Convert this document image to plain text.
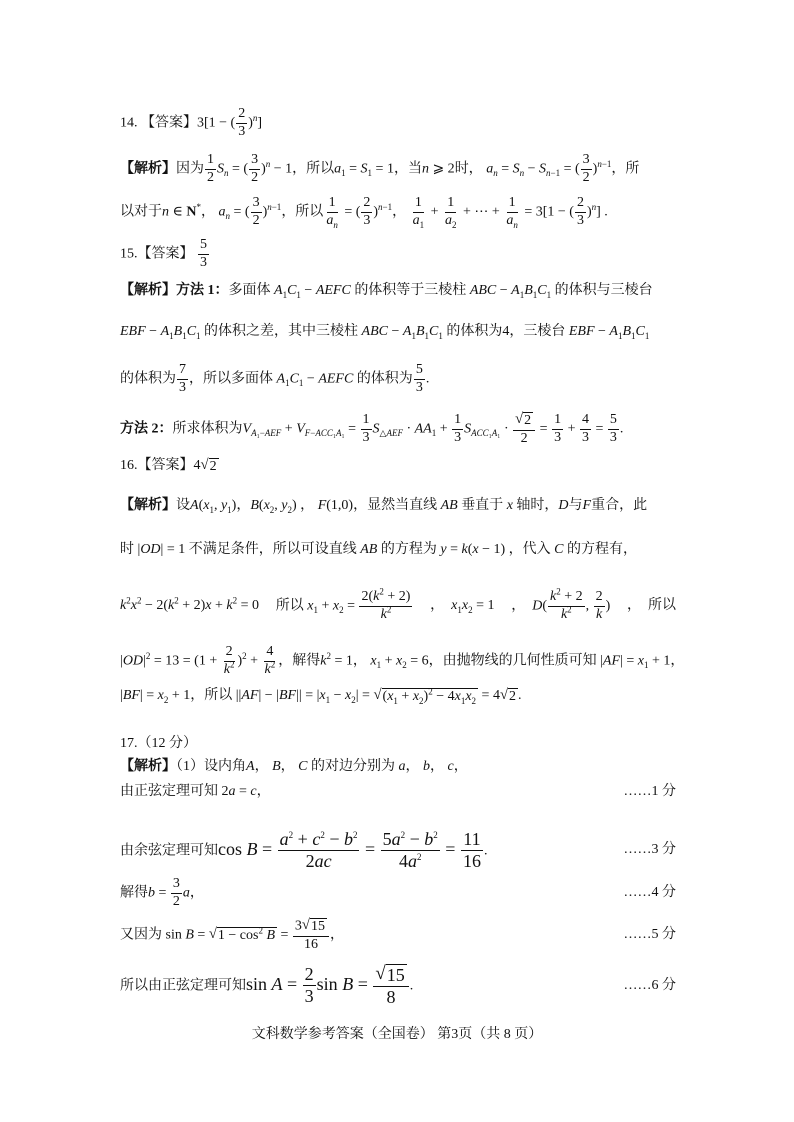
14. 【答案】3[1 − ( $\frac{2}{3} )^n$]
【解析】因为 $\frac{1}{2} S_n$ = ( $\frac{3}{2} )^n - 1$，所以$a_1 = S_1 = 1$，当n ⩾ 2时， $a_n = S_n - S_{n-1}$ = ( $\frac{3}{2} )^{n-1}$，所
以对于n ∈ N*， $a_n$ = ( $\frac{3}{2} )^{n-1}$，所以 $\frac{1}{a_n}$ = ( $\frac{2}{3} )^{n-1}$， $\frac{1}{a_1} + \frac{1}{a_2}$ + ⋯ + $\frac{1}{a_n} = 3[1$ − ( $\frac{2}{3} )^n$] .
15.【答案】 $\frac{5}{3}$
【解析】方法 1：多面体 $A_1C_1$ − AEFC 的体积等于三棱柱 ABC − $A_1B_1C_1$ 的体积与三棱台
EBF − $A_1B_1C_1$ 的体积之差，其中三棱柱 ABC − $A_1B_1C_1$ 的体积为4，三棱台 EBF − $A_1B_1C_1$
的体积为 $\frac{7}{3}$ ，所以多面体 $A_1C_1$ − AEFC 的体积为 $\frac{5}{3}$ .
方法 2：所求体积为$V_{A_1-AEF} + V_{F-ACC_1A_1} = \frac{1}{3} S_{\triangle AEF} \cdot AA_1 + \frac{1}{3} S_{ACC_1A_1} \cdot \frac{√ 2}{2} = \frac{1}{3} + \frac{4}{3} = \frac{5}{3}$ .
16.【答案】4 √ 2
【解析】设$A(x_1$, $y_1$)，$B(x_2$, $y_2$) ， F(1,0)，显然当直线 AB 垂直于 x 轴时，D与F重合，此
时 |OD| = 1 不满足条件，所以可设直线 AB 的方程为 y = k(x − 1) ，代入 C 的方程有，
$k^2x^2 - 2(k^2 + 2)x + k^2 = 0$ 所以 $x_1 + x_2 = \frac{2(k^2 + 2)}{k^2}$ ，  $x_1x_2 = 1$ ，  $D( \frac{k^2 + 2}{k^2}$ , $\frac{2}{k}$ ) ，  所以
$|OD|^2 = 13 = (1 + \frac{2}{k^2} )^2 + \frac{4}{k^2}$ ，解得$k^2 = 1$， $x_1 + x_2 = 6$，由抛物线的几何性质可知 $|AF| = x_1 + 1$，
$|BF| = x_2 + 1$，所以 $||AF| - |BF|| = |x_1 - x_2|$ = √ $(x_1 + x_2)^2 - 4x_1x_2 = 4$ √ 2 .
17.（12 分）
【解析】（1）设内角A， B， C 的对边分别为 a， b， c，
由正弦定理可知 2a = c，	……1 分
由余弦定理可知$\cos B = \frac{a^2 + c^2 - b^2}{2ac} = \frac{5a^2 - b^2}{4a^2} = \frac{11}{16}$ .	……3 分
解得$b = \frac{3}{2}$ a，	……4 分
又因为 sin B = √ $1 - \cos^2 B = \frac{3 √ 15}{16}$ ，	……5 分
所以由正弦定理可知$\sin A = \frac{2}{3}$ $\sin B = \frac{√ 15}{8}$ .	……6 分
文科数学参考答案（全国卷） 第3页（共 8 页）
